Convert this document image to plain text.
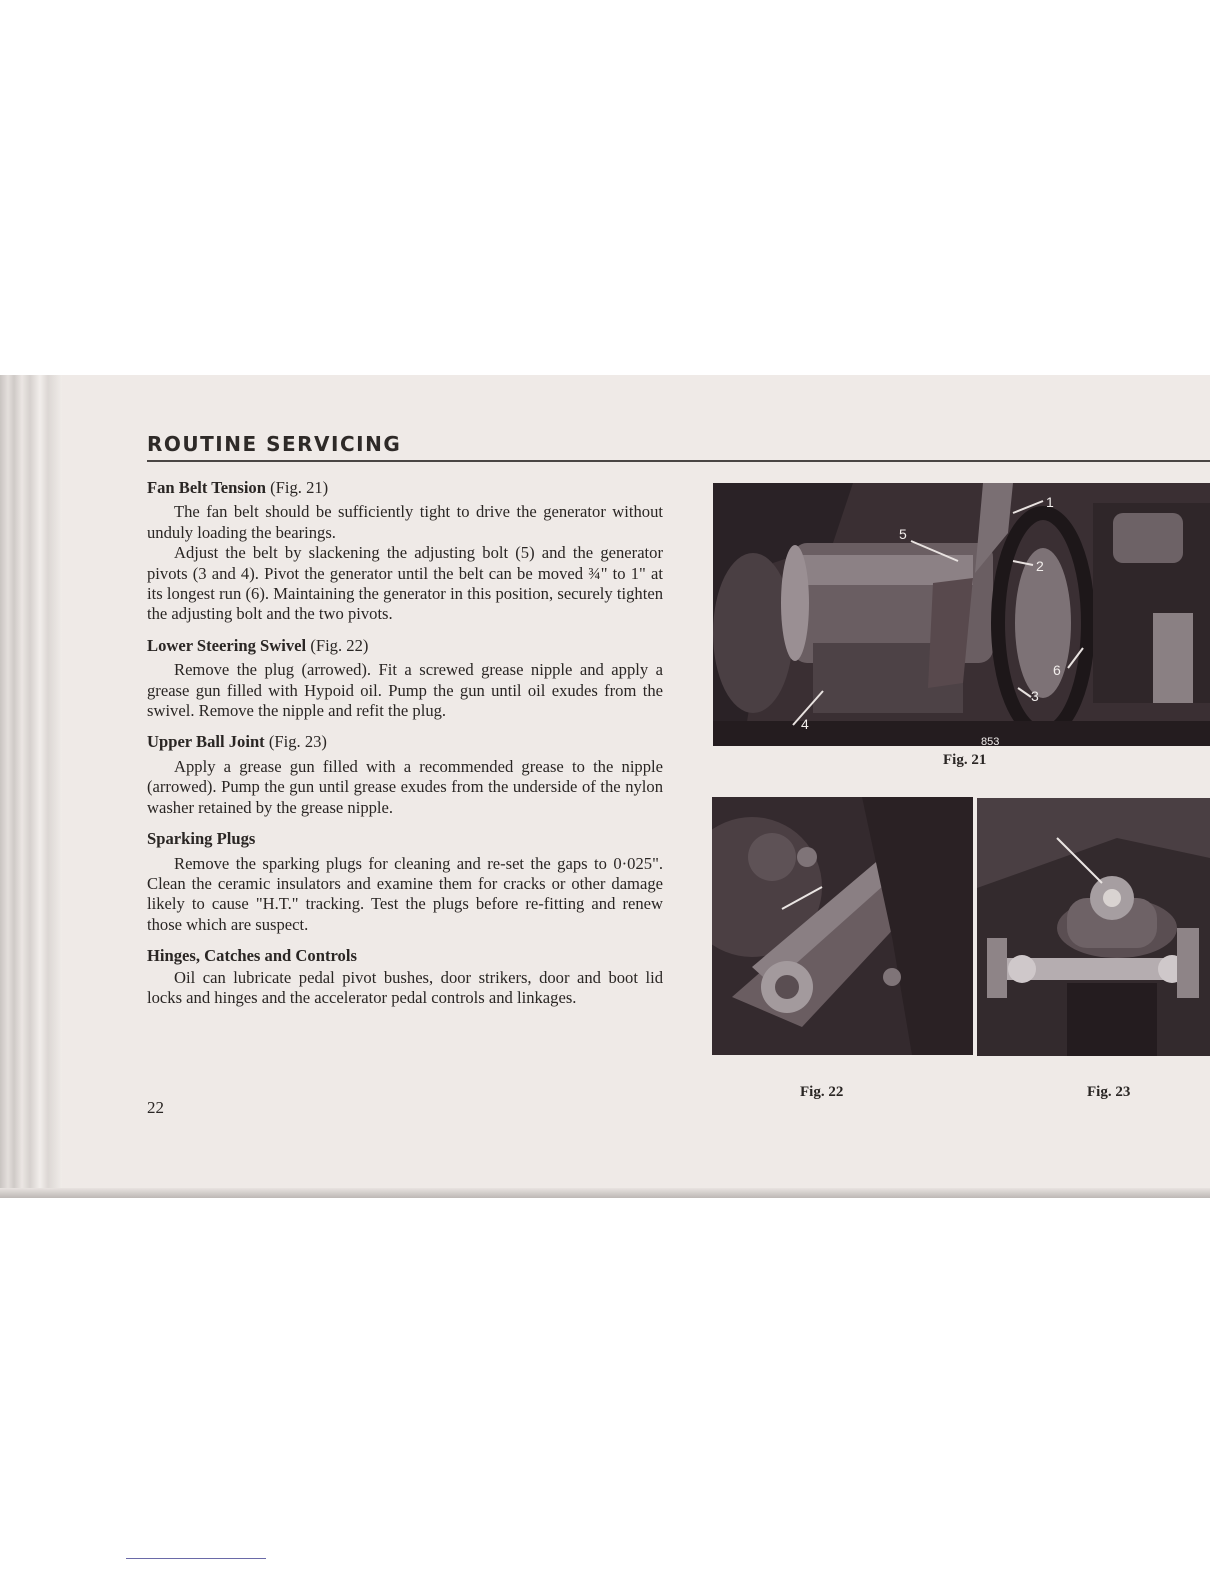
ROUTINE SERVICING
Fan Belt Tension (Fig. 21)

The fan belt should be sufficiently tight to drive the generator without unduly loading the bearings.

Adjust the belt by slackening the adjusting bolt (5) and the generator pivots (3 and 4). Pivot the generator until the belt can be moved ¾" to 1" at its longest run (6). Maintaining the generator in this position, securely tighten the adjusting bolt and the two pivots.

Lower Steering Swivel (Fig. 22)

Remove the plug (arrowed). Fit a screwed grease nipple and apply a grease gun filled with Hypoid oil. Pump the gun until oil exudes from the swivel. Remove the nipple and refit the plug.

Upper Ball Joint (Fig. 23)

Apply a grease gun filled with a recommended grease to the nipple (arrowed). Pump the gun until grease exudes from the underside of the nylon washer retained by the grease nipple.

Sparking Plugs

Remove the sparking plugs for cleaning and re-set the gaps to 0·025". Clean the ceramic insulators and examine them for cracks or other damage likely to cause "H.T." tracking. Test the plugs before re-fitting and renew those which are suspect.

Hinges, Catches and Controls

Oil can lubricate pedal pivot bushes, door strikers, door and boot lid locks and hinges and the accelerator pedal controls and linkages.

22
1
2
3
4
5
6
853
Fig. 21
Fig. 22	Fig. 23
